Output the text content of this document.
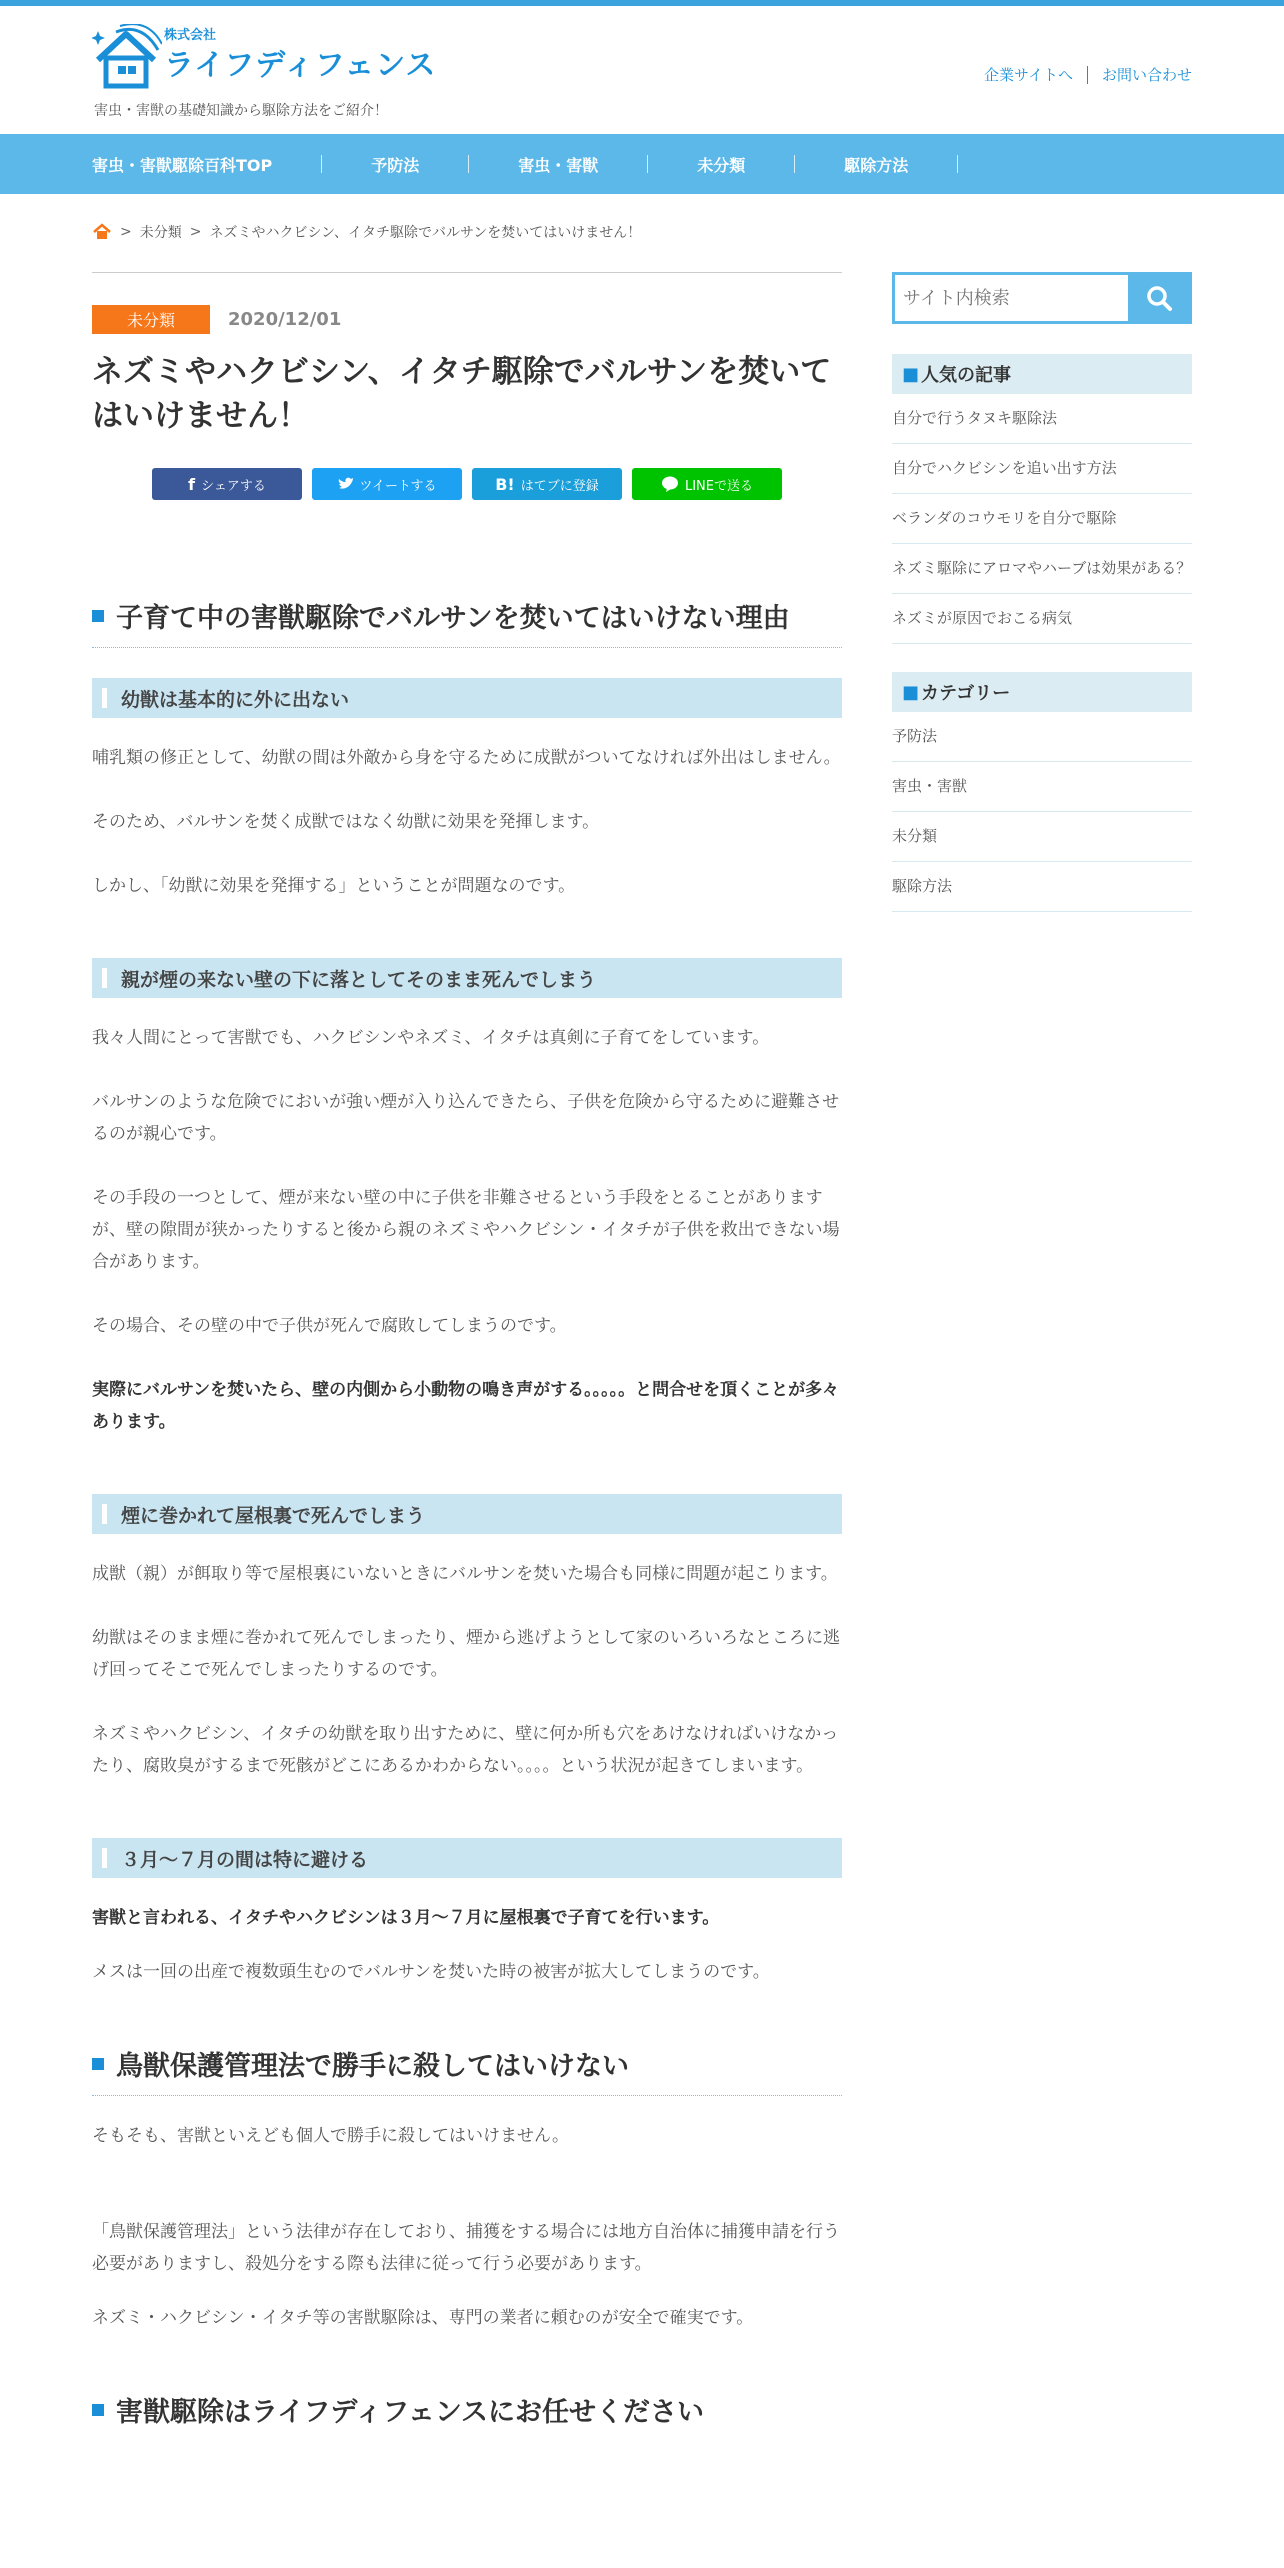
株式会社
ライフディフェンス
害虫・害獣の基礎知識から駆除方法をご紹介！
企業サイトへ お問い合わせ
害虫・害獣駆除百科TOP	予防法	害虫・害獣	未分類	駆除方法
> 未分類 > ネズミやハクビシン、イタチ駆除でバルサンを焚いてはいけません！
未分類	2020/12/01
ネズミやハクビシン、イタチ駆除でバルサンを焚いてはいけません！
f シェアする	ツイートする	B! はてブに登録	LINEで送る
子育て中の害獣駆除でバルサンを焚いてはいけない理由
幼獣は基本的に外に出ない

哺乳類の修正として、幼獣の間は外敵から身を守るために成獣がついてなければ外出はしません。

そのため、バルサンを焚く成獣ではなく幼獣に効果を発揮します。

しかし、「幼獣に効果を発揮する」ということが問題なのです。

親が煙の来ない壁の下に落としてそのまま死んでしまう

我々人間にとって害獣でも、ハクビシンやネズミ、イタチは真剣に子育てをしています。

バルサンのような危険でにおいが強い煙が入り込んできたら、子供を危険から守るために避難させるのが親心です。

その手段の一つとして、煙が来ない壁の中に子供を非難させるという手段をとることがありますが、壁の隙間が狭かったりすると後から親のネズミやハクビシン・イタチが子供を救出できない場合があります。

その場合、その壁の中で子供が死んで腐敗してしまうのです。

実際にバルサンを焚いたら、壁の内側から小動物の鳴き声がする。。。。。と問合せを頂くことが多々あります。

煙に巻かれて屋根裏で死んでしまう

成獣（親）が餌取り等で屋根裏にいないときにバルサンを焚いた場合も同様に問題が起こります。

幼獣はそのまま煙に巻かれて死んでしまったり、煙から逃げようとして家のいろいろなところに逃げ回ってそこで死んでしまったりするのです。

ネズミやハクビシン、イタチの幼獣を取り出すために、壁に何か所も穴をあけなければいけなかったり、腐敗臭がするまで死骸がどこにあるかわからない。。。。という状況が起きてしまいます。

３月～７月の間は特に避ける

害獣と言われる、イタチやハクビシンは３月～７月に屋根裏で子育てを行います。

メスは一回の出産で複数頭生むのでバルサンを焚いた時の被害が拡大してしまうのです。

鳥獣保護管理法で勝手に殺してはいけない

そもそも、害獣といえども個人で勝手に殺してはいけません。

「鳥獣保護管理法」という法律が存在しており、捕獲をする場合には地方自治体に捕獲申請を行う必要がありますし、殺処分をする際も法律に従って行う必要があります。

ネズミ・ハクビシン・イタチ等の害獣駆除は、専門の業者に頼むのが安全で確実です。

害獣駆除はライフディフェンスにお任せください
サイト内検索
■ 人気の記事
自分で行うタヌキ駆除法
自分でハクビシンを追い出す方法
ベランダのコウモリを自分で駆除
ネズミ駆除にアロマやハーブは効果がある？
ネズミが原因でおこる病気
■ カテゴリー
予防法
害虫・害獣
未分類
駆除方法
